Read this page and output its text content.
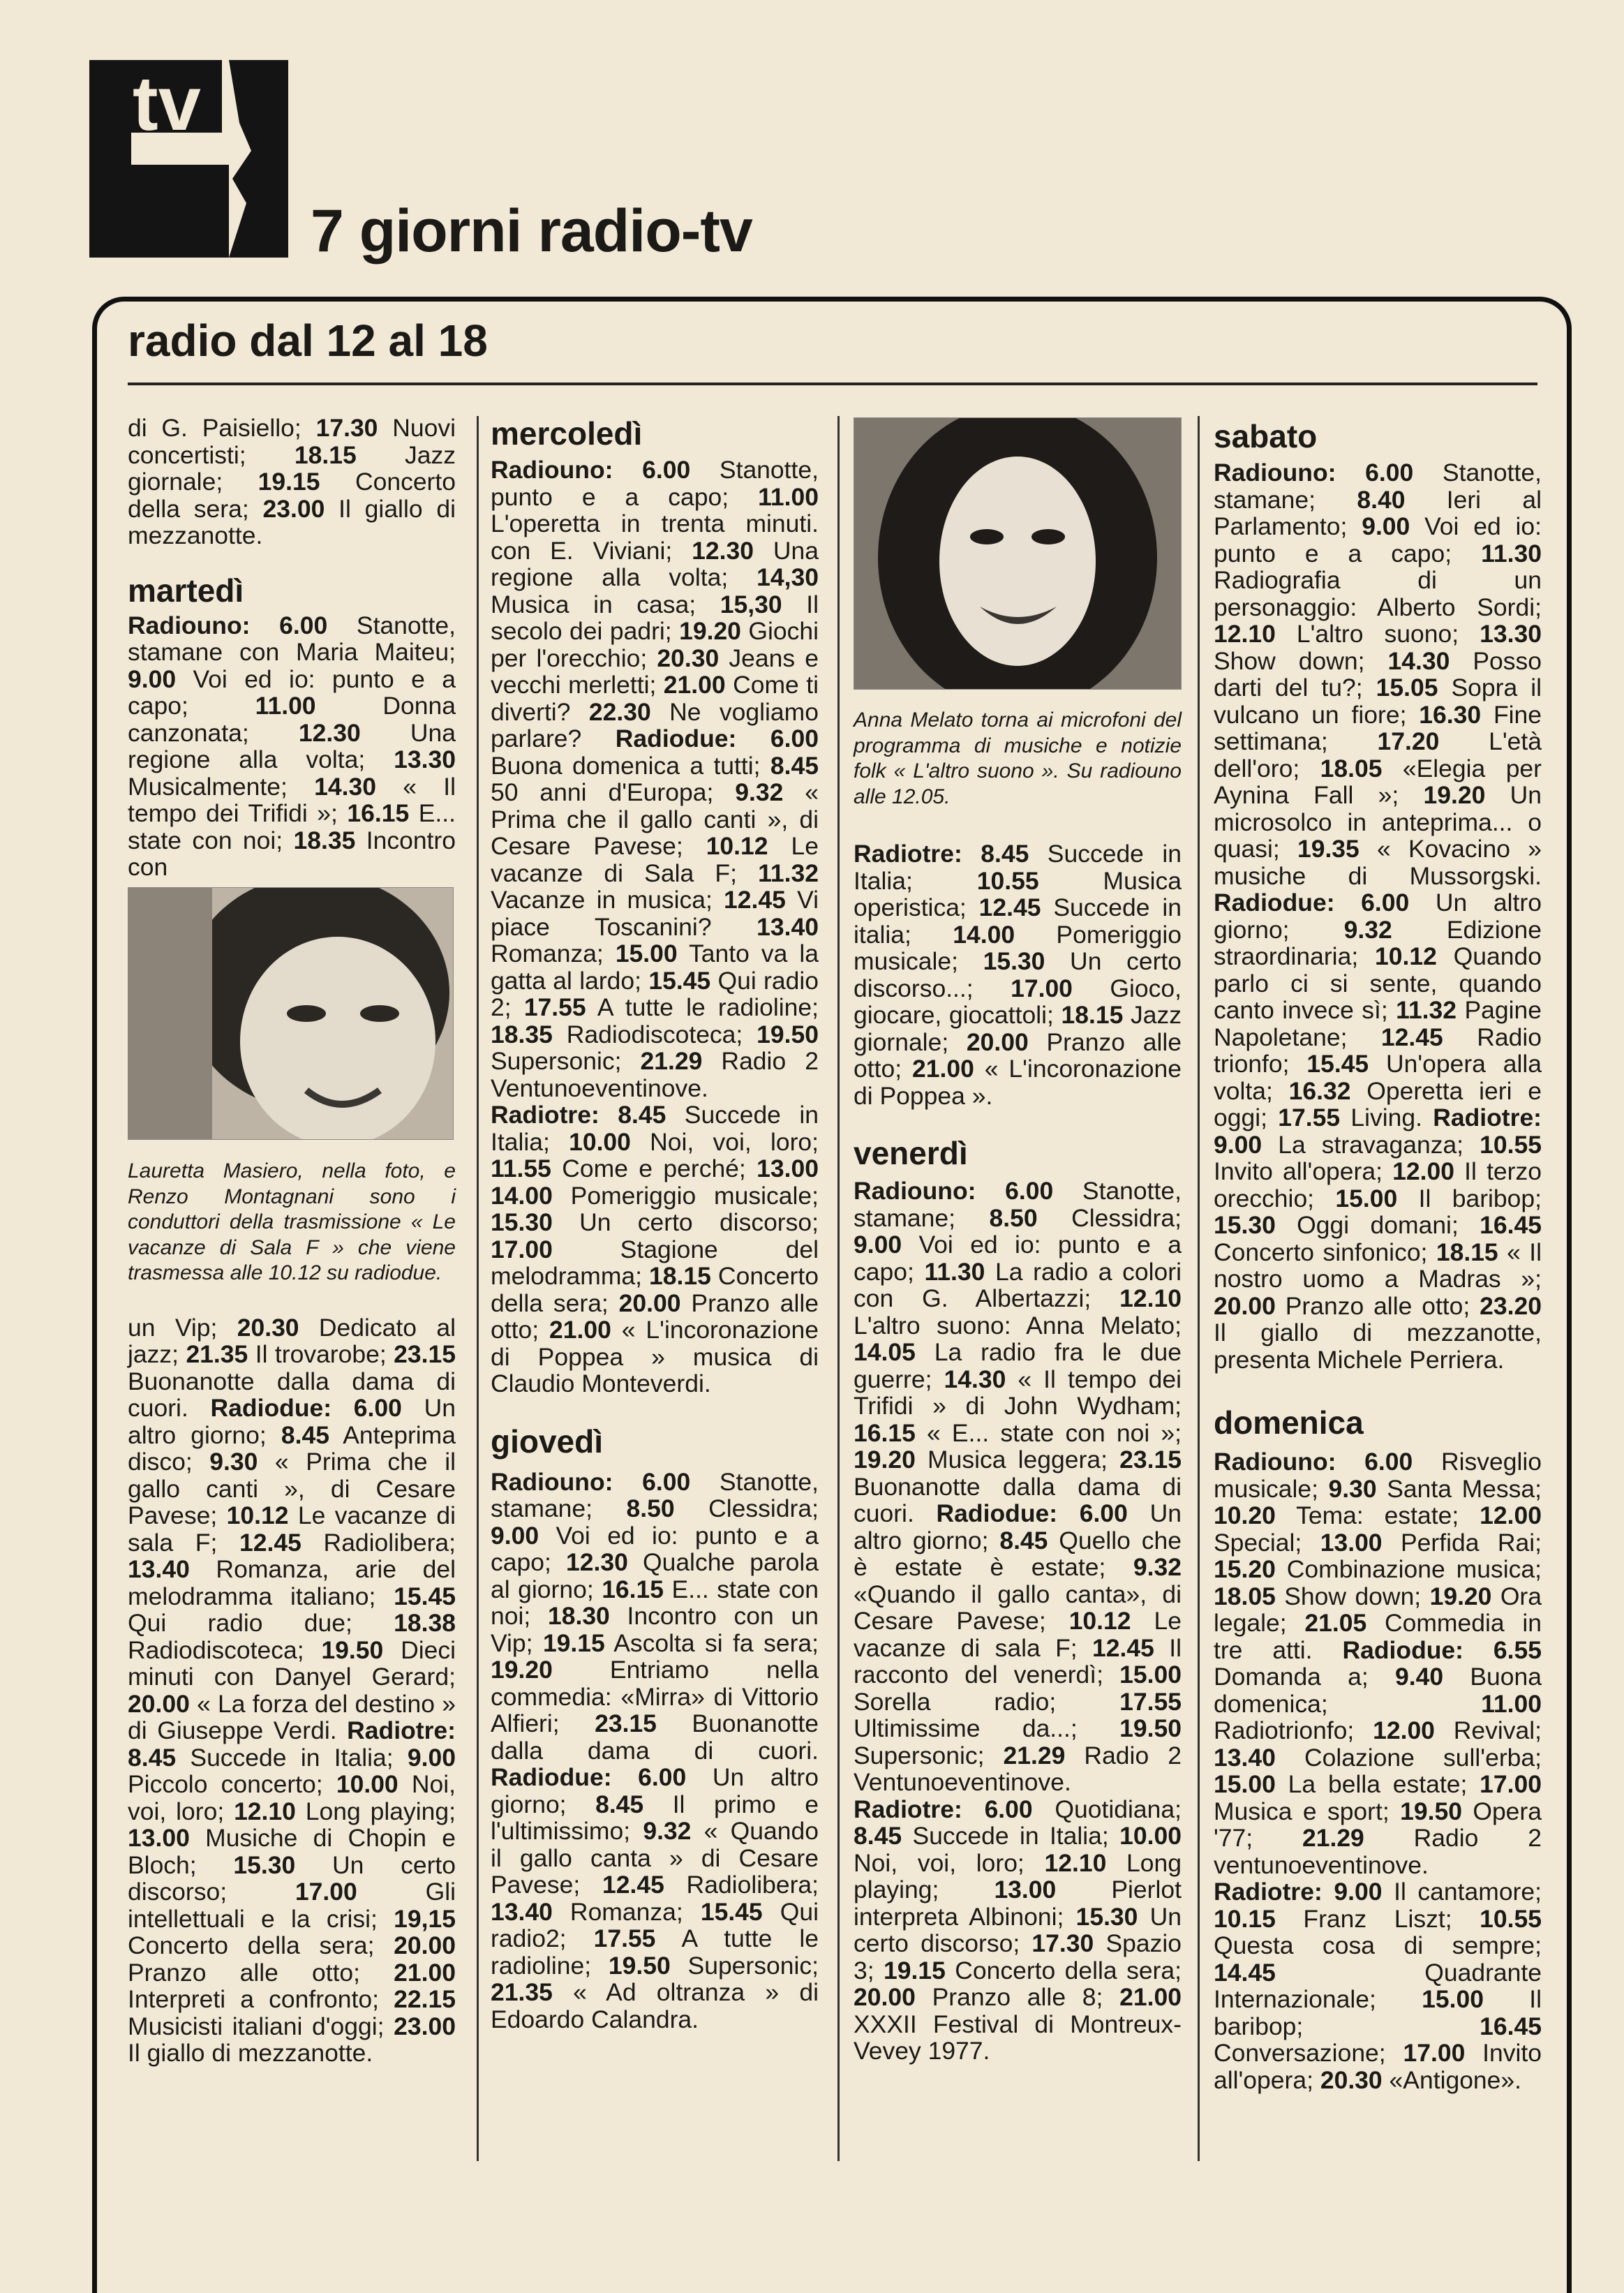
tv
7 giorni radio-tv
radio dal 12 al 18

di G. Paisiello; 17.30 Nuovi concertisti; 18.15 Jazz giornale; 19.15 Concerto della sera; 23.00 Il giallo di mezzanotte.

martedì

Radiouno: 6.00 Stanotte, stamane con Maria Maiteu; 9.00 Voi ed io: punto e a capo; 11.00 Donna canzonata; 12.30 Una regione alla volta; 13.30 Musicalmente; 14.30 « Il tempo dei Trifidi »; 16.15 E... state con noi; 18.35 Incontro con

Lauretta Masiero, nella foto, e Renzo Montagnani sono i conduttori della trasmissione « Le vacanze di Sala F » che viene trasmessa alle 10.12 su radiodue.

un Vip; 20.30 Dedicato al jazz; 21.35 Il trovarobe; 23.15 Buonanotte dalla dama di cuori. Radiodue: 6.00 Un altro giorno; 8.45 Anteprima disco; 9.30 « Prima che il gallo canti », di Cesare Pavese; 10.12 Le vacanze di sala F; 12.45 Radiolibera; 13.40 Romanza, arie del melodramma italiano; 15.45 Qui radio due; 18.38 Radiodiscoteca; 19.50 Dieci minuti con Danyel Gerard; 20.00 « La forza del destino » di Giuseppe Verdi. Radiotre: 8.45 Succede in Italia; 9.00 Piccolo concerto; 10.00 Noi, voi, loro; 12.10 Long playing; 13.00 Musiche di Chopin e Bloch; 15.30 Un certo discorso; 17.00 Gli intellettuali e la crisi; 19,15 Concerto della sera; 20.00 Pranzo alle otto; 21.00 Interpreti a confronto; 22.15 Musicisti italiani d'oggi; 23.00 Il giallo di mezzanotte.

mercoledì

Radiouno: 6.00 Stanotte, punto e a capo; 11.00 L'operetta in trenta minuti. con E. Viviani; 12.30 Una regione alla volta; 14,30 Musica in casa; 15,30 Il secolo dei padri; 19.20 Giochi per l'orecchio; 20.30 Jeans e vecchi merletti; 21.00 Come ti diverti? 22.30 Ne vogliamo parlare? Radiodue: 6.00 Buona domenica a tutti; 8.45 50 anni d'Europa; 9.32 « Prima che il gallo canti », di Cesare Pavese; 10.12 Le vacanze di Sala F; 11.32 Vacanze in musica; 12.45 Vi piace Toscanini? 13.40 Romanza; 15.00 Tanto va la gatta al lardo; 15.45 Qui radio 2; 17.55 A tutte le radioline; 18.35 Radiodiscoteca; 19.50 Supersonic; 21.29 Radio 2 Ventunoeventinove. Radiotre: 8.45 Succede in Italia; 10.00 Noi, voi, loro; 11.55 Come e perché; 13.00 14.00 Pomeriggio musicale; 15.30 Un certo discorso; 17.00 Stagione del melodramma; 18.15 Concerto della sera; 20.00 Pranzo alle otto; 21.00 « L'incoronazione di Poppea » musica di Claudio Monteverdi.

giovedì

Radiouno: 6.00 Stanotte, stamane; 8.50 Clessidra; 9.00 Voi ed io: punto e a capo; 12.30 Qualche parola al giorno; 16.15 E... state con noi; 18.30 Incontro con un Vip; 19.15 Ascolta si fa sera; 19.20 Entriamo nella commedia: «Mirra» di Vittorio Alfieri; 23.15 Buonanotte dalla dama di cuori. Radiodue: 6.00 Un altro giorno; 8.45 Il primo e l'ultimissimo; 9.32 « Quando il gallo canta » di Cesare Pavese; 12.45 Radiolibera; 13.40 Romanza; 15.45 Qui radio2; 17.55 A tutte le radioline; 19.50 Supersonic; 21.35 « Ad oltranza » di Edoardo Calandra.

Anna Melato torna ai microfoni del programma di musiche e notizie folk « L'altro suono ». Su radiouno alle 12.05.

Radiotre: 8.45 Succede in Italia; 10.55 Musica operistica; 12.45 Succede in italia; 14.00 Pomeriggio musicale; 15.30 Un certo discorso...; 17.00 Gioco, giocare, giocattoli; 18.15 Jazz giornale; 20.00 Pranzo alle otto; 21.00 « L'incoronazione di Poppea ».

venerdì

Radiouno: 6.00 Stanotte, stamane; 8.50 Clessidra; 9.00 Voi ed io: punto e a capo; 11.30 La radio a colori con G. Albertazzi; 12.10 L'altro suono: Anna Melato; 14.05 La radio fra le due guerre; 14.30 « Il tempo dei Trifidi » di John Wydham; 16.15 « E... state con noi »; 19.20 Musica leggera; 23.15 Buonanotte dalla dama di cuori. Radiodue: 6.00 Un altro giorno; 8.45 Quello che è estate è estate; 9.32 «Quando il gallo canta», di Cesare Pavese; 10.12 Le vacanze di sala F; 12.45 Il racconto del venerdì; 15.00 Sorella radio; 17.55 Ultimissime da...; 19.50 Supersonic; 21.29 Radio 2 Ventunoeventinove. Radiotre: 6.00 Quotidiana; 8.45 Succede in Italia; 10.00 Noi, voi, loro; 12.10 Long playing; 13.00 Pierlot interpreta Albinoni; 15.30 Un certo discorso; 17.30 Spazio 3; 19.15 Concerto della sera; 20.00 Pranzo alle 8; 21.00 XXXII Festival di Montreux-Vevey 1977.

sabato

Radiouno: 6.00 Stanotte, stamane; 8.40 Ieri al Parlamento; 9.00 Voi ed io: punto e a capo; 11.30 Radiografia di un personaggio: Alberto Sordi; 12.10 L'altro suono; 13.30 Show down; 14.30 Posso darti del tu?; 15.05 Sopra il vulcano un fiore; 16.30 Fine settimana; 17.20 L'età dell'oro; 18.05 «Elegia per Aynina Fall »; 19.20 Un microsolco in anteprima... o quasi; 19.35 « Kovacino » musiche di Mussorgski. Radiodue: 6.00 Un altro giorno; 9.32 Edizione straordinaria; 10.12 Quando parlo ci si sente, quando canto invece sì; 11.32 Pagine Napoletane; 12.45 Radio trionfo; 15.45 Un'opera alla volta; 16.32 Operetta ieri e oggi; 17.55 Living. Radiotre: 9.00 La stravaganza; 10.55 Invito all'opera; 12.00 Il terzo orecchio; 15.00 Il baribop; 15.30 Oggi domani; 16.45 Concerto sinfonico; 18.15 « Il nostro uomo a Madras »; 20.00 Pranzo alle otto; 23.20 Il giallo di mezzanotte, presenta Michele Perriera.

domenica

Radiouno: 6.00 Risveglio musicale; 9.30 Santa Messa; 10.20 Tema: estate; 12.00 Special; 13.00 Perfida Rai; 15.20 Combinazione musica; 18.05 Show down; 19.20 Ora legale; 21.05 Commedia in tre atti. Radiodue: 6.55 Domanda a; 9.40 Buona domenica; 11.00 Radiotrionfo; 12.00 Revival; 13.40 Colazione sull'erba; 15.00 La bella estate; 17.00 Musica e sport; 19.50 Opera '77; 21.29 Radio 2 ventunoeventinove. Radiotre: 9.00 Il cantamore; 10.15 Franz Liszt; 10.55 Questa cosa di sempre; 14.45 Quadrante Internazionale; 15.00 Il baribop; 16.45 Conversazione; 17.00 Invito all'opera; 20.30 «Antigone».
